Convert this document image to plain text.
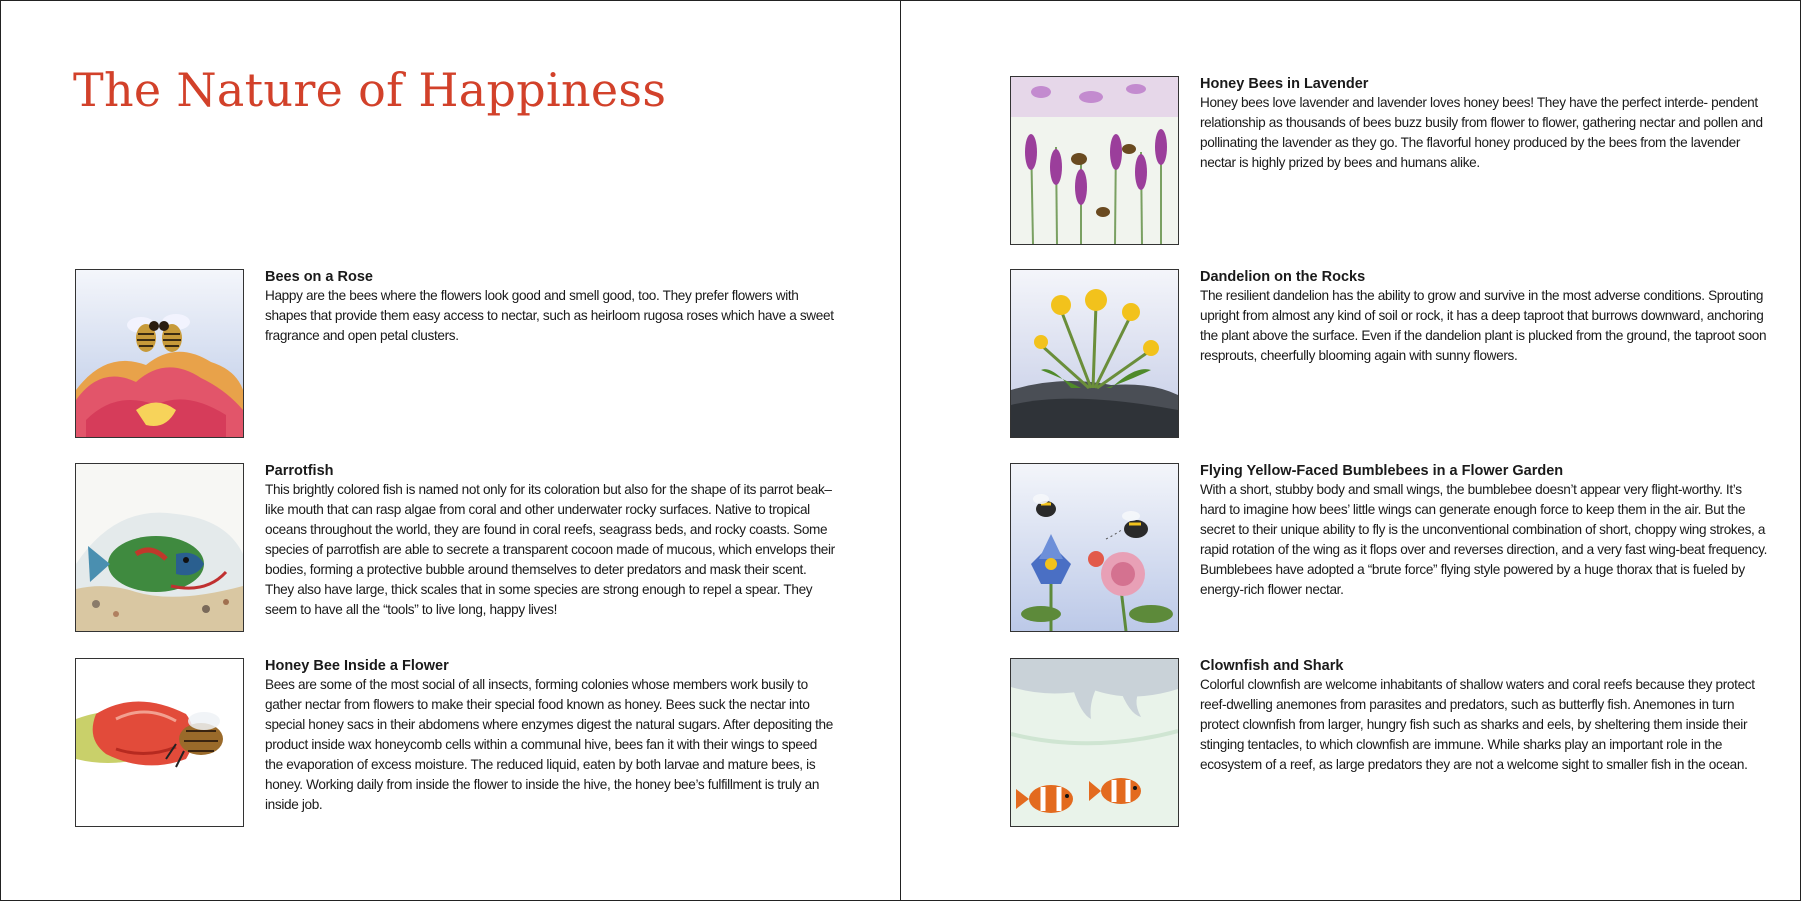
The Nature of Happiness

Bees on a Rose

Happy are the bees where the flowers look good and smell good, too. They prefer flowers with shapes that provide them easy access to nectar, such as heirloom rugosa roses which have a sweet fragrance and open petal clusters.

Parrotfish

This brightly colored fish is named not only for its coloration but also for the shape of its parrot beak–like mouth that can rasp algae from coral and other underwater rocky surfaces. Native to tropical oceans throughout the world, they are found in coral reefs, seagrass beds, and rocky coasts. Some species of parrotfish are able to secrete a transparent cocoon made of mucous, which envelops their bodies, forming a protective bubble around themselves to deter predators and mask their scent. They also have large, thick scales that in some species are strong enough to repel a spear. They seem to have all the “tools” to live long, happy lives!

Honey Bee Inside a Flower

Bees are some of the most social of all insects, forming colonies whose members work busily to gather nectar from flowers to make their special food known as honey. Bees suck the nectar into special honey sacs in their abdomens where enzymes digest the natural sugars. After depositing the product inside wax honeycomb cells within a communal hive, bees fan it with their wings to speed the evaporation of excess moisture. The reduced liquid, eaten by both larvae and mature bees, is honey. Working daily from inside the flower to inside the hive, the honey bee’s fulfillment is truly an inside job.

Honey Bees in Lavender

Honey bees love lavender and lavender loves honey bees! They have the perfect interde- pendent relationship as thousands of bees buzz busily from flower to flower, gathering nectar and pollen and pollinating the lavender as they go. The flavorful honey produced by the bees from the lavender nectar is highly prized by bees and humans alike.

Dandelion on the Rocks

The resilient dandelion has the ability to grow and survive in the most adverse conditions. Sprouting upright from almost any kind of soil or rock, it has a deep taproot that burrows downward, anchoring the plant above the surface. Even if the dandelion plant is plucked from the ground, the taproot soon resprouts, cheerfully blooming again with sunny flowers.

Flying Yellow-Faced Bumblebees in a Flower Garden

With a short, stubby body and small wings, the bumblebee doesn’t appear very flight-worthy. It’s hard to imagine how bees’ little wings can generate enough force to keep them in the air. But the secret to their unique ability to fly is the unconventional combination of short, choppy wing strokes, a rapid rotation of the wing as it flops over and reverses direction, and a very fast wing-beat frequency. Bumblebees have adopted a “brute force” flying style powered by a huge thorax that is fueled by energy-rich flower nectar.

Clownfish and Shark

Colorful clownfish are welcome inhabitants of shallow waters and coral reefs because they protect reef-dwelling anemones from parasites and predators, such as butterfly fish. Anemones in turn protect clownfish from larger, hungry fish such as sharks and eels, by sheltering them inside their stinging tentacles, to which clownfish are immune. While sharks play an important role in the ecosystem of a reef, as large predators they are not a welcome sight to smaller fish in the ocean.
